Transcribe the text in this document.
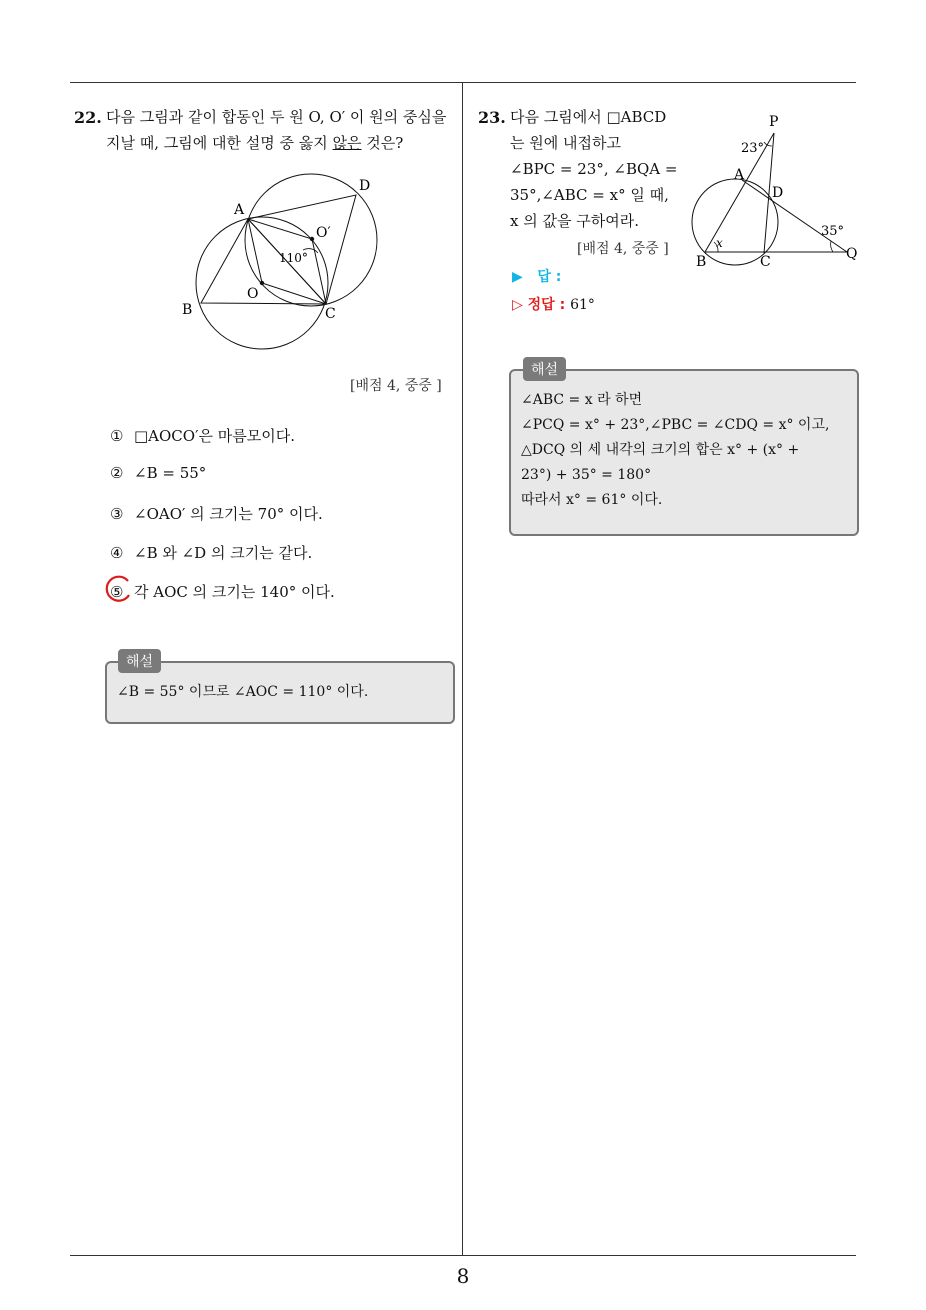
8
22. 다음 그림과 같이 합동인 두 원 O, O′ 이 원의 중심을
지날 때, 그림에 대한 설명 중 옳지 않은 것은?
A
B	C
D
O
O′
110°
[배점 4, 중중 ]
① □AOCO′은 마름모이다.
② ∠B = 55°
③ ∠OAO′ 의 크기는 70° 이다.
④ ∠B 와 ∠D 의 크기는 같다.
⑤ 각 AOC 의 크기는 140° 이다.
해설
∠B = 55° 이므로 ∠AOC = 110° 이다.
23. 다음 그림에서 □ABCD
는 원에 내접하고
∠BPC = 23°, ∠BQA =
35°,∠ABC = x° 일 때,
x 의 값을 구하여라.
[배점 4, 중중 ]
P
A
D
B	C	Q
23°
35°
x
▶ 답 :
▷ 정답 : 61°
해설
∠ABC = x 라 하면
∠PCQ = x° + 23°,∠PBC = ∠CDQ = x° 이고,
△DCQ 의 세 내각의 크기의 합은 x° + (x° +
23°) + 35° = 180°
따라서 x° = 61° 이다.
